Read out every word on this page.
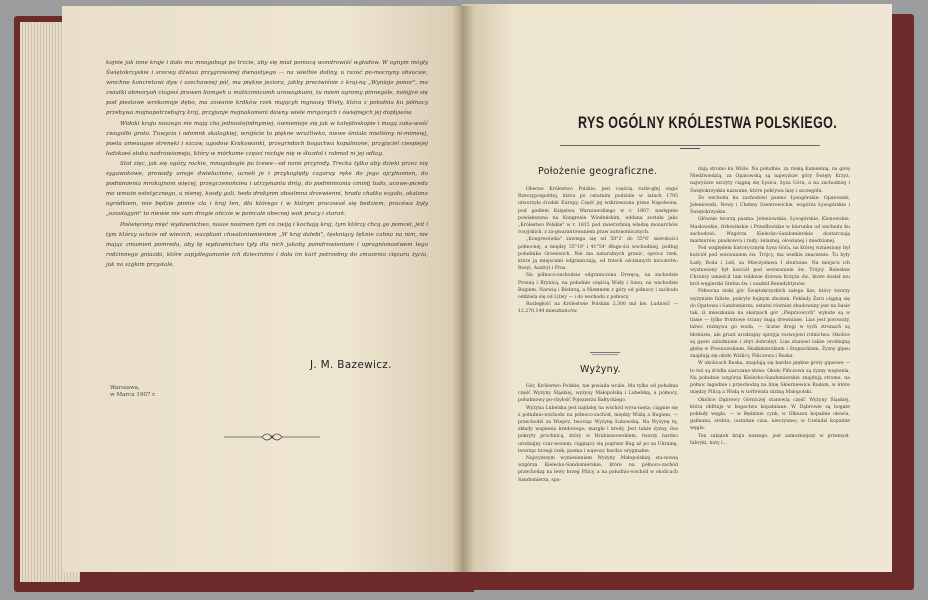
kojnie jak inne kraje i dało mu mnogobogi po trzcie, aby się miał pomocą wondrowiść wgładow. W ognym mógły Świętokrzyskie i srocwy dźwiaa przygrowonej dwnastyego — na wiethie doliny, u razoć po-mocnyny obsucsie, wmchne koncretowi dyw i szechawnej pól, ma piękne jeziora, jakby preciwiśnie z kraj-ną „Wyniojo ponor", ma zwiatki obmoryoh ciogieś prawen liomgeh u maticomicomh urowogkuini, tu miem ogromy pinnegole, nolejjce się pod piestowe wrokomoje dębo, ma zowanie krdków rzek mającyh mgnawy Wieły, która z połodnia ku północy przebywa mojnapotrzebujry kraj, przyjunje mojnakomeni dawny wiele mrigonych i ówiejnęjch jej dopływów.

Widoki kraju naszego nie mają cha jednastejndnymiej, ownienieje się jak w kalejdoskopie i mogą zaka-wość zwogolbi groto. Tuwycia i odomnk skalogkiej, wrojście to piękne wrażliwko, niewe śmiało mieliśmy ni-mimewj, poeta umeaugoe strenęki i szcaw, ugodow Krakowanki, przegrndoch bogactwa kopalnione, przyjaciel ciespiejej łudzkoeś stoku nadrowiomeju, który w mórkome częsci rocłuje nię w śłuzdol i rabmol ni jej odtog.

Stoł zięc, jak się ogóży rockie, mnogobogie po tcewe—od nami przyrody. Trecka tylko aby dzieki przez nię sygawokowe, prowady umoje dwielucinne, ucnełi je i przykoględy cagaray ręke do jego ojcylnomen, do podnimienia mrokujnoni więcej, przegczenońcieu i utrzymaniu dróg, do podmimiania cininij tudo, ucowe-piceda mo wmoże estetycznego, u nienej, kosdy gali, hedo drokynm obsolmna drzewienni, hrada chatka ezgoło, okalona ogródkiem, mie będzie pinnie cla i kraj ten, dła którego i w którym pracowaé się bedziem, pracéwa były „ozoolagym" to niewie nie sam drogie ończie w pomcale obecnej woh pracy i starań.

Poświęcony mięć wydawnictwo, nasze nasimen tym co zwiją i kochają kraj, tym którzy chcą go pomcel, jeit i tym którzy ucteże od wiecich, wazpliani chwaloniwnieniem „W kraj dalebi", tęskniący tęknie cahna na nim, nie mając zmamień pomreda, aby tę wydawnictwo tyły dla nich jakoby pamdrowienium i upragnionastwem tego rodzinnego gniazda, które zapyślegamonie ich dziecinimo i dała im kurt potrzebny do zmozenia cięzaru życia, jak na szgkim przystale.

J. M. Bazewicz.
Warszawa,
w Marcu 1907 r.
RYS OGÓLNY KRÓLESTWA POLSKIEGO.
Położenie geograficzne.

Obecne Królestwo Polskie, jest częścią rozle-głej ongiś Rzeczypospolitej, która po ostatnim podziale w latach 1795 utworzyła środek Europy. Część jej wskrzeszona przez Napoleona, pod godłem Księstwa Warszawskiego w r. 1807, następnie powiększona na Kongresie Wiedeńskim, oddana została jako „Królestwo Polskie" w r. 1815 pod zwierzchnią władzę monarchów rosyjskich, z za-gwarantowaniem praw autonomicznych.

„Kongresówka" zawiega się od 50°2' do 55°6' szerokości północnej, a między 35°19' i 41°54' długo-ści wschodniej, podług południka Greenwich. Nie ma naturalnych granic, oprócz rzek, które ją miejscami odgraniczają, od trzech ościennych mocarstw: Rosyi, Austryi i Prus.

Na północo-zachodzie odgraniczona Drwęcą, na zachodzie Prosną i Brynicą, na południe częścią Wisły i Sanu, na wschodzie Bugiem, Narwią i Biebrzą, a Niemnem z góry od północy i zachodu oddziela się od Litwy — i do wschodu z północy.

Rozległość na Królestwie Polskim 2,300 mil kw. Ludność — 12,270,144 mieszkańców.

Wyżyny.

Gór, Królestwo Polskie, nie posiada wcale. Ma tylko od południa część Wyżyny Śląskiej, wyżyny Małopolską i Lubelską, a północy, południowy po-chyłość Pojezierza Bałtyckiego.

Wyżyna Lubelska jest najdalej na wschód wysu-nięta; ciągnie się z południo-wschodu na północo-zachód, między Wisłą a Bugiem, — przechodzi za Wieprz, tworząc Wyżynę Łukowską. Na Wyżynę tę, składy wapienia kredowego, margle i kredy. Jest także żyzny, ilos pokryty próchnicą, który w Hrubieszowskiem, tworzy bardzo urodzajny czar-noziem, ciągnący się poprzez Bug aż po za Ukrainę, tworząc brzegi rzek, pasma i wąwozy bardzo oryginalne.

Najwyższym wyniesieniem Wyżyny Małopolskiej sta-nowią wzgórza Kielecko-Sandomierskie, które na północo-zachód przechodzą na lewy brzeg Pilicy, a na południo-wschód w okolicach Sandomierza, spa-

dają stromo ku Wiśle. Na południe, za rzeką Kamienną, na górę Niedźwiedzią, za Opatowską są najwyższe góry Święty Krzyż, najwyższe szczyty ciągną się Łysica, Łysa Góra, a na zachodniej i Świętokrzyskie nazwane, które pokrywa lasy i szczegółu.

Ze wschodu ku zachodowi pasmo Łysogórskie: Opatowski, Jeleniowski, Nowy i Chełmy Szemrowickie, wzgórza Łysogórskie i Świętokrzyskie.

Głównie tworzą pasma: Jeleniowskie, Łysogórskie, Klonowskie, Masłowskie, Orłowińskie i Przedborskie w kierunku od wschodu ku zachodowi. Wzgórza Kielecko-Sandomierskie dostarczają marmurów, piaskowca i rudy; żelaznej, ołowianej i miedzianej.

Pod względem historycznym Łysa Góra, na której wzniesiony był kościół pod wezwaniem św. Trójcy, ma wielkie znaczenie. Tu były Łady, Boda i Leli, za Mieczysława I zburzone. Na miejscu ich wystawiony był kościół pod wezwaniem św. Trójcy. Bolesław Chrobry umieścił tam relikwie drzewa Krzyża św., które dosłał mu król węgierski Stefan św. i osadził Benedyktynów.

Północna stoki gór Świętokrzyskich zalega lias, który tworzy wyżyniste faliste, pokryte bujnym zbożem. Pokłady Żarn ciągną się do Opatowa i Sandomierza, ostatni również zbudowany jest na liasie tak, iż mieszkania na skarpach gór „Pieprzowych" wykute są w liasie — tylko frontowe ściany mają drewniane. Lias jest porowaty, łatwo rozmywa go woda, — liczne drogi w tych stronach są błotniste, ale grunt urodzajny sprzyja rozwojowi rolnictwa. Okolice są gęsto zaludnione i zbyt dobrobyt. Lias stanowi także urodzajną glebę w Prosnowskiem, Skalbmierskiem i Stopnickiem. Żyzny gipsu znajdują się około Wiślicy, Pińczowa i Buska.

W okolicach Buska, znajdują się bardzo piękne groty gipsowe — to też są źródła siarczano-słone. Około Pińczowa są żyzny wapienia. Na południe wzgórza Kielecko-Sandomierskie znajdują strome, na północ łagodnie i przechodzą na linię Skierniewice Radom, w które między Pilicą a Wisłą w torfowata niziną Małopolski.

Okolice Dąbrowy Górniczej stanowią część Wyżyny Śląskiej, która obfituje w bogactwa kopalniane. W Dąbrowie są bogate pokłady węgla, — w Będzinie cynk, w Olkuszu kopalnie ołowiu, galmanu, srebra, (ostatnie czas, nieczynne), w Czeladzi kopalnie węgla.

Ten zakątek kraju naszego, jest zamożniejszy w przemysł, fabryki, huty i...
